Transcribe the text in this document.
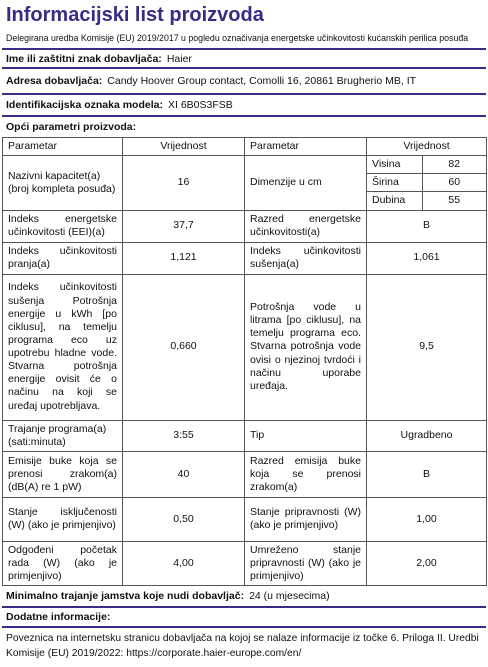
Informacijski list proizvoda
Delegirana uredba Komisije (EU) 2019/2017 u pogledu označivanja energetske učinkovitosti kućanskih perilica posuđa
Ime ili zaštitni znak dobavljača: Haier
Adresa dobavljača: Candy Hoover Group contact, Comolli 16, 20861 Brugherio MB, IT
Identifikacijska oznaka modela: XI 6B0S3FSB
Opći parametri proizvoda:
Parametar	Vrijednost	Parametar	Vrijednost
Nazivni kapacitet(a) (broj kompleta posuđa)	16	Dimenzije u cm	
Visina	82
Širina	60
Dubina	55

Indeks energetske učinkovitosti (EEI)(a)	37,7	Razred energetske učinkovitosti(a)	B
Indeks učinkovitosti pranja(a)	1,121	Indeks učinkovitosti sušenja(a)	1,061
Indeks učinkovitosti sušenja Potrošnja energije u kWh [po ciklusu], na temelju programa eco uz upotrebu hladne vode. Stvarna potrošnja energije ovisit će o načinu na koji se uređaj upotrebljava.	0,660	Potrošnja vode u litrama [po ciklusu], na temelju programa eco. Stvarna potrošnja vode ovisi o njezinoj tvrdoći i načinu uporabe uređaja.	9,5
Trajanje programa(a) (sati:minuta)	3:55	Tip	Ugradbeno
Emisije buke koja se prenosi zrakom(a) (dB(A) re 1 pW)	40	Razred emisija buke koja se prenosi zrakom(a)	B
Stanje isključenosti (W) (ako je primjenjivo)	0,50	Stanje pripravnosti (W) (ako je primjenjivo)	1,00
Odgođeni početak rada (W) (ako je primjenjivo)	4,00	Umreženo stanje pripravnosti (W) (ako je primjenjivo)	2,00
Minimalno trajanje jamstva koje nudi dobavljač: 24 (u mjesecima)
Dodatne informacije:
Poveznica na internetsku stranicu dobavljača na kojoj se nalaze informacije iz točke 6. Priloga II. Uredbi Komisije (EU) 2019/2022: https://corporate.haier-europe.com/en/
